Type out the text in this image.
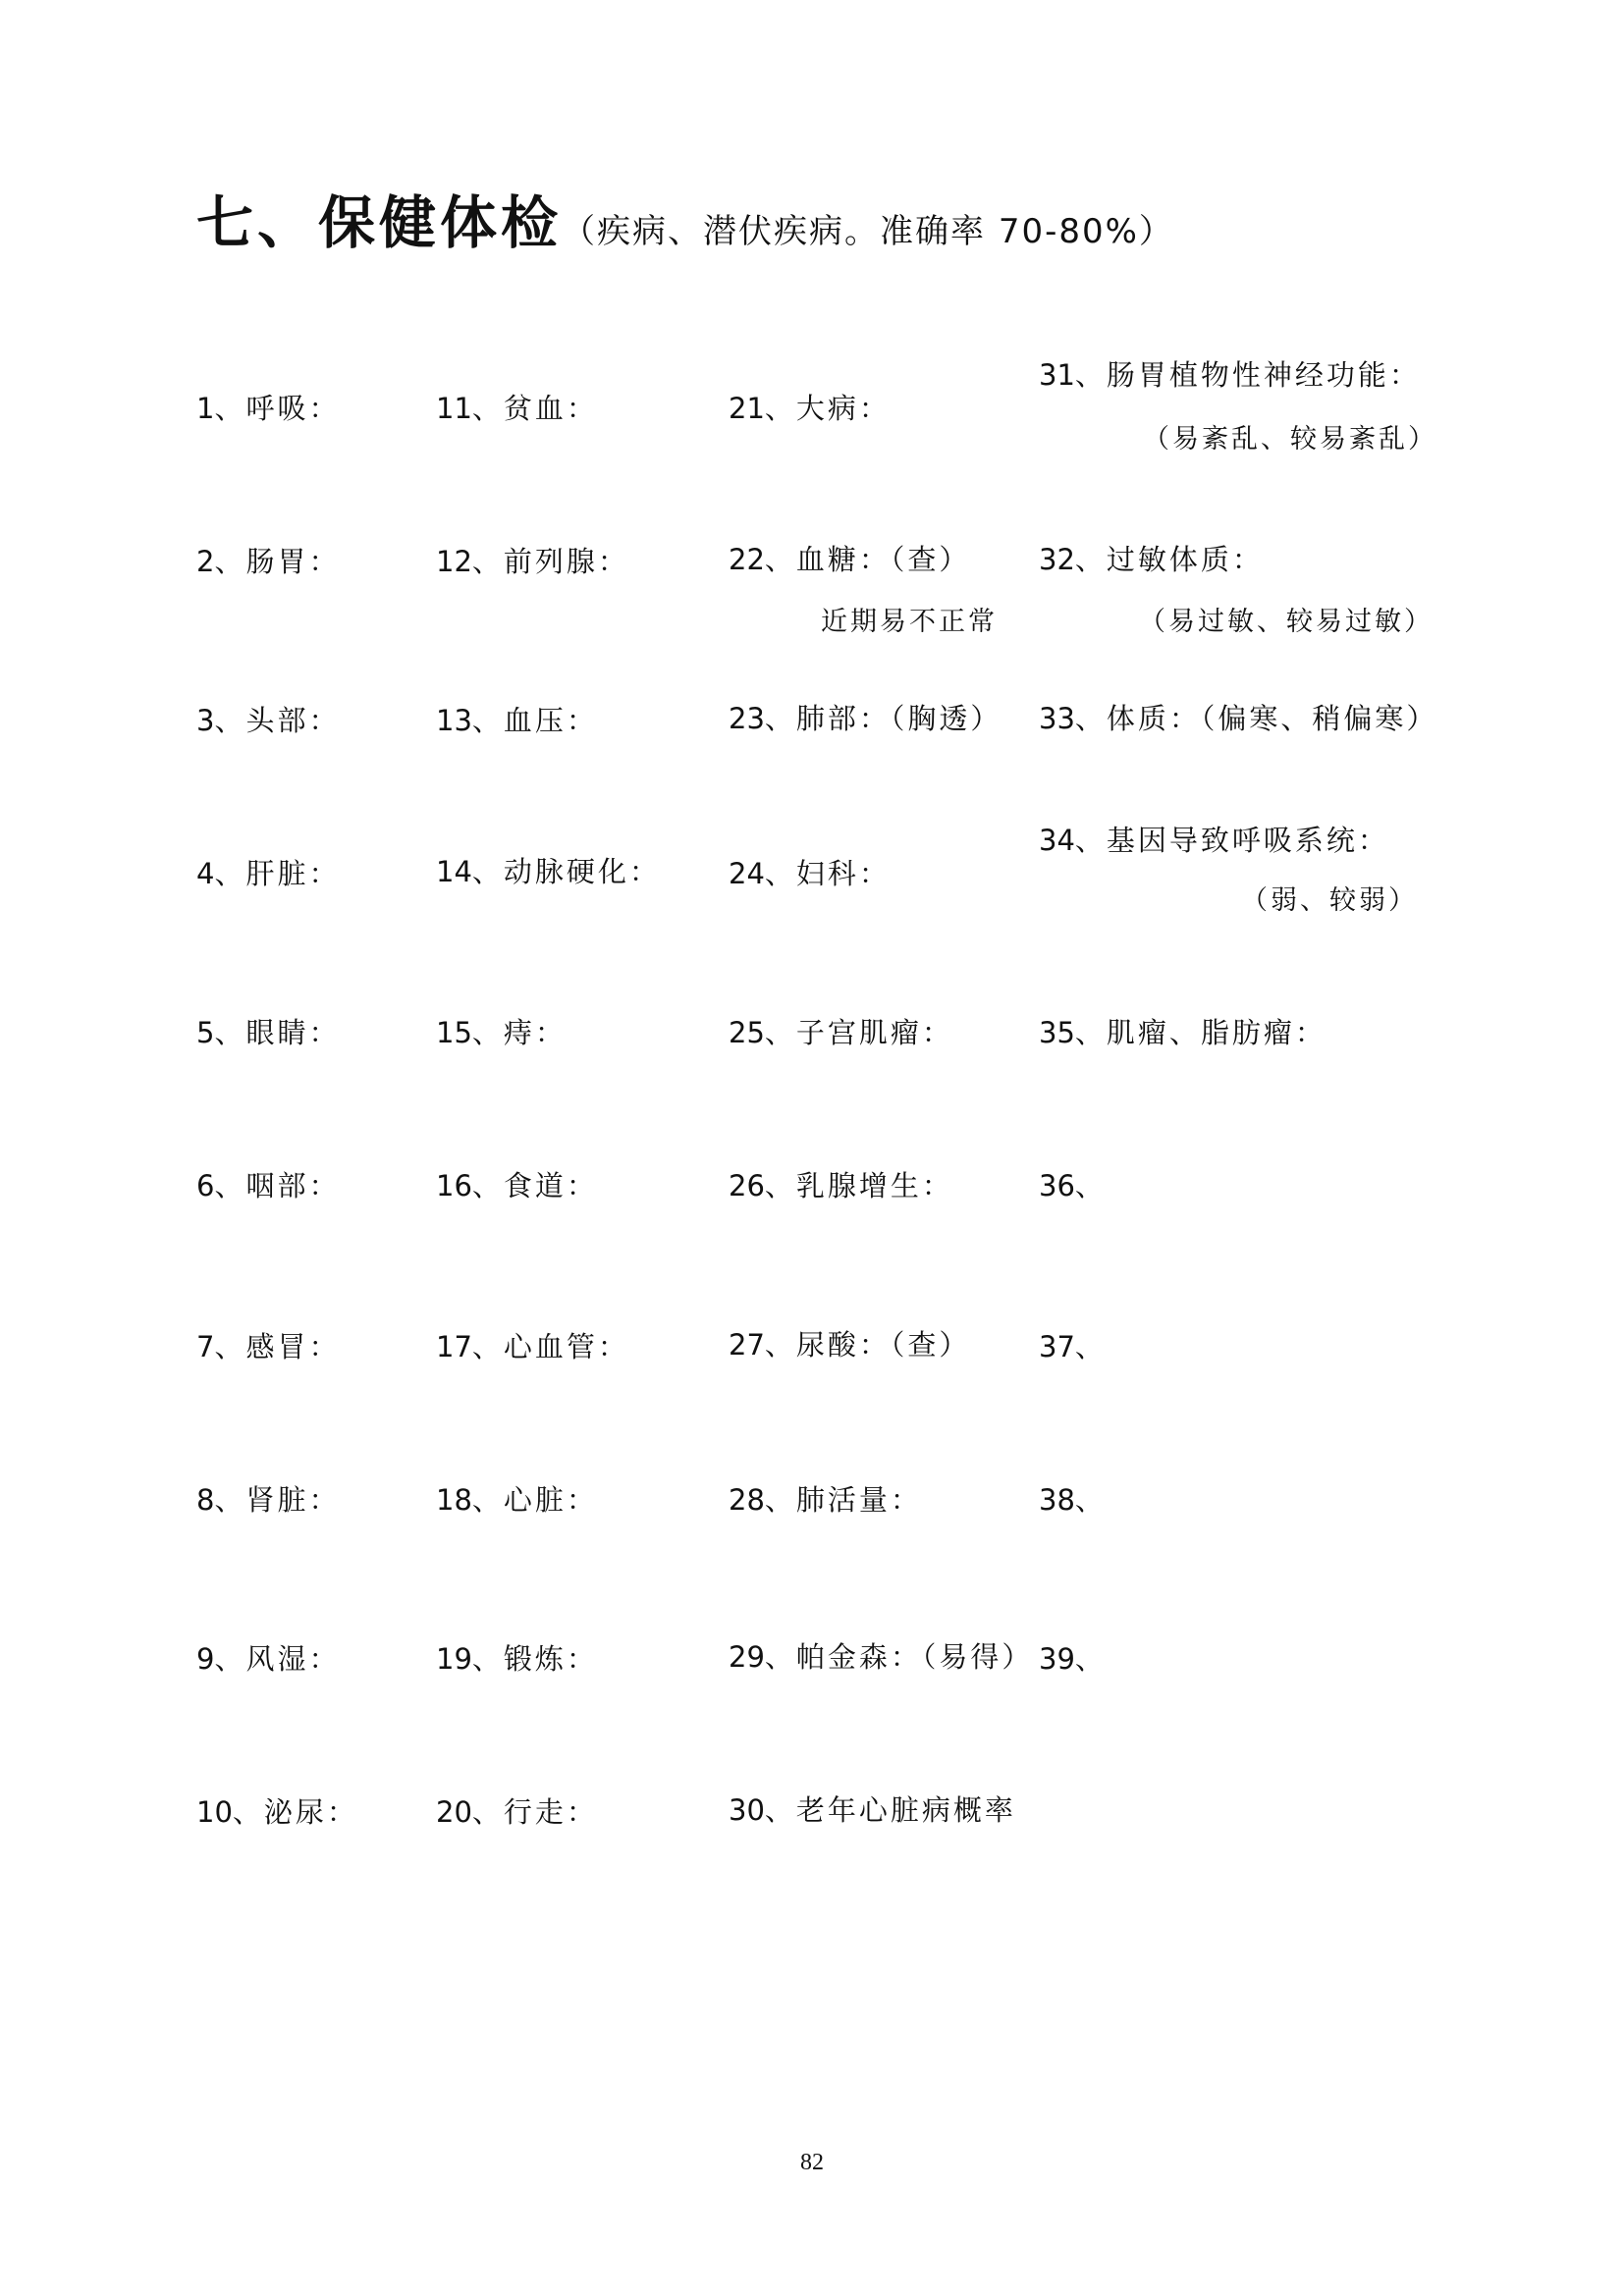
七、保健体检（疾病、潜伏疾病。准确率 70-80%）
1、呼吸：
2、肠胃：
3、头部：
4、肝脏：
5、眼睛：
6、咽部：
7、感冒：
8、肾脏：
9、风湿：
10、泌尿：
11、贫血：
12、前列腺：
13、血压：
14、动脉硬化：
15、痔：
16、食道：
17、心血管：
18、心脏：
19、锻炼：
20、行走：
21、大病：
22、血糖：（查）
近期易不正常
23、肺部：（胸透）
24、妇科：
25、子宫肌瘤：
26、乳腺增生：
27、尿酸：（查）
28、肺活量：
29、帕金森：（易得）
30、老年心脏病概率
31、肠胃植物性神经功能：
（易紊乱、较易紊乱）
32、过敏体质：
（易过敏、较易过敏）
33、体质：（偏寒、稍偏寒）
34、基因导致呼吸系统：
（弱、较弱）
35、肌瘤、脂肪瘤：
36、
37、
38、
39、
82
